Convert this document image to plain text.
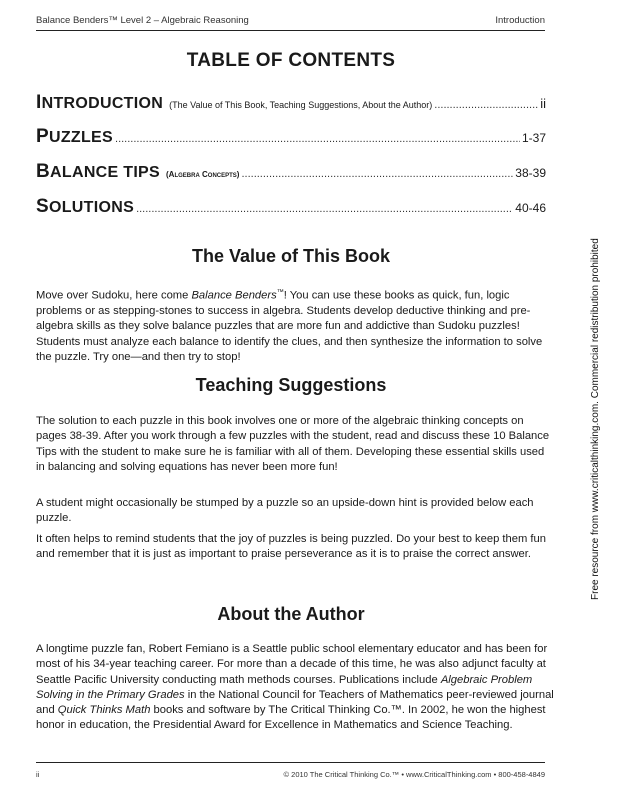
Balance Benders™ Level 2 – Algebraic Reasoning	Introduction
TABLE OF CONTENTS
INTRODUCTION (The Value of This Book, Teaching Suggestions, About the Author) .....	ii
PUZZLES .....	1-37
BALANCE TIPS (Algebra Concepts) .....	38-39
SOLUTIONS .....	40-46
The Value of This Book
Move over Sudoku, here come Balance Benders™! You can use these books as quick, fun, logic problems or as stepping-stones to success in algebra. Students develop deductive thinking and pre-algebra skills as they solve balance puzzles that are more fun and addictive than Sudoku puzzles! Students must analyze each balance to identify the clues, and then synthesize the information to solve the puzzle. Try one—and then try to stop!
Teaching Suggestions
The solution to each puzzle in this book involves one or more of the algebraic thinking concepts on pages 38-39. After you work through a few puzzles with the student, read and discuss these 10 Balance Tips with the student to make sure he is familiar with all of them. Developing these essential skills used in balancing and solving equations has never been more fun!
A student might occasionally be stumped by a puzzle so an upside-down hint is provided below each puzzle.
It often helps to remind students that the joy of puzzles is being puzzled. Do your best to keep them fun and remember that it is just as important to praise perseverance as it is to praise the correct answer.
About the Author
A longtime puzzle fan, Robert Femiano is a Seattle public school elementary educator and has been for most of his 34-year teaching career. For more than a decade of this time, he was also adjunct faculty at Seattle Pacific University conducting math methods courses. Publications include Algebraic Problem Solving in the Primary Grades in the National Council for Teachers of Mathematics peer-reviewed journal and Quick Thinks Math books and software by The Critical Thinking Co.™. In 2002, he won the highest honor in education, the Presidential Award for Excellence in Mathematics and Science Teaching.
Free resource from www.criticalthinking.com. Commercial redistribution prohibited
ii	© 2010 The Critical Thinking Co.™ • www.CriticalThinking.com • 800-458-4849
